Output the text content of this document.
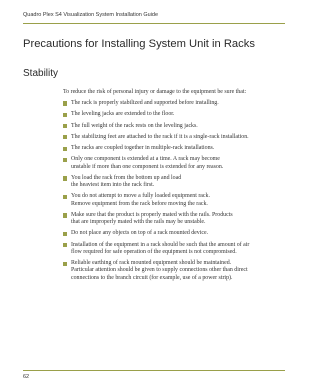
Quadro Plex S4 Visualization System Installation Guide
Precautions for Installing System Unit in Racks
Stability
To reduce the risk of personal injury or damage to the equipment be sure that:
The rack is properly stabilized and supported before installing.
The leveling jacks are extended to the floor.
The full weight of the rack rests on the leveling jacks.
The stabilizing feet are attached to the rack if it is a single-rack installation.
The racks are coupled together in multiple-rack installations.
Only one component is extended at a time. A rack may become
unstable if more than one component is extended for any reason.
You load the rack from the bottom up and load
the heaviest item into the rack first.
You do not attempt to move a fully loaded equipment rack.
Remove equipment from the rack before moving the rack.
Make sure that the product is properly mated with the rails. Products
that are improperly mated with the rails may be unstable.
Do not place any objects on top of a rack mounted device.
Installation of the equipment in a rack should be such that the amount of air
flow required for safe operation of the equipment is not compromised.
Reliable earthing of rack mounted equipment should be maintained.
Particular attention should be given to supply connections other than direct
connections to the branch circuit (for example, use of a power strip).
62
